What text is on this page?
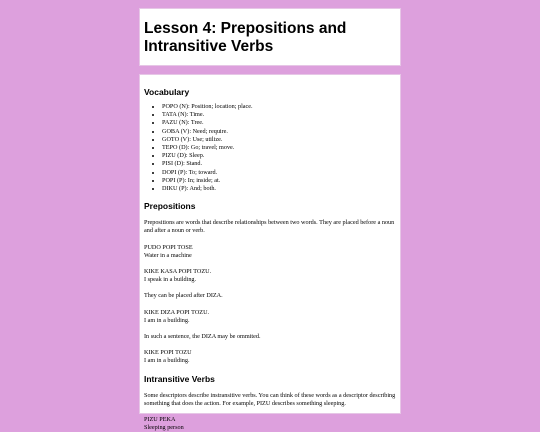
Lesson 4: Prepositions and Intransitive Verbs
Vocabulary
• POPO (N): Position; location; place.
• TATA (N): Time.
• PAZU (N): Tree.
• GOBA (V): Need; require.
• GOTO (V): Use; utilize.
• TEPO (D): Go; travel; move.
• PIZU (D): Sleep.
• PISI (D): Stand.
• DOPI (P): To; toward.
• POPI (P): In; inside; at.
• DIKU (P): And; both.
Prepositions

Prepositions are words that describe relationships between two words. They are placed before a noun and after a noun or verb.

PUDO POPI TOSE

Water in a machine

KIKE KASA POPI TOZU.

I speak in a building.

They can be placed after DIZA.

KIKE DIZA POPI TOZU.

I am in a building.

In such a sentence, the DIZA may be ommited.

KIKE POPI TOZU

I am in a building.

Intransitive Verbs

Some descriptors describe instransitive verbs. You can think of these words as a descriptor describing something that does the action. For example, PIZU describes something sleeping.

PIZU PEKA

Sleeping person
